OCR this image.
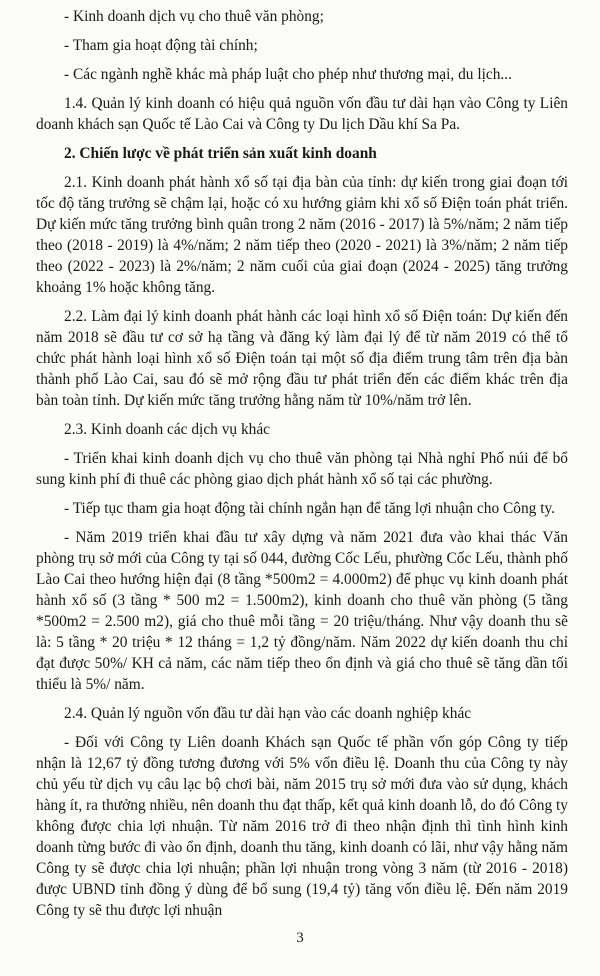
- Kinh doanh dịch vụ cho thuê văn phòng;

- Tham gia hoạt động tài chính;

- Các ngành nghề khác mà pháp luật cho phép như thương mại, du lịch...

1.4. Quản lý kinh doanh có hiệu quả nguồn vốn đầu tư dài hạn vào Công ty Liên doanh khách sạn Quốc tế Lào Cai và Công ty Du lịch Dầu khí Sa Pa.

2. Chiến lược về phát triển sản xuất kinh doanh

2.1. Kinh doanh phát hành xổ số tại địa bàn của tỉnh: dự kiến trong giai đoạn tới tốc độ tăng trưởng sẽ chậm lại, hoặc có xu hướng giảm khi xổ số Điện toán phát triển. Dự kiến mức tăng trưởng bình quân trong 2 năm (2016 - 2017) là 5%/năm; 2 năm tiếp theo (2018 - 2019) là 4%/năm; 2 năm tiếp theo (2020 - 2021) là 3%/năm; 2 năm tiếp theo (2022 - 2023) là 2%/năm; 2 năm cuối của giai đoạn (2024 - 2025) tăng trưởng khoảng 1% hoặc không tăng.

2.2. Làm đại lý kinh doanh phát hành các loại hình xổ số Điện toán: Dự kiến đến năm 2018 sẽ đầu tư cơ sở hạ tầng và đăng ký làm đại lý để từ năm 2019 có thể tổ chức phát hành loại hình xổ số Điện toán tại một số địa điểm trung tâm trên địa bàn thành phố Lào Cai, sau đó sẽ mở rộng đầu tư phát triển đến các điểm khác trên địa bàn toàn tỉnh. Dự kiến mức tăng trưởng hằng năm từ 10%/năm trở lên.

2.3. Kinh doanh các dịch vụ khác

- Triển khai kinh doanh dịch vụ cho thuê văn phòng tại Nhà nghỉ Phố núi để bổ sung kinh phí đi thuê các phòng giao dịch phát hành xổ số tại các phường.

- Tiếp tục tham gia hoạt động tài chính ngắn hạn để tăng lợi nhuận cho Công ty.

- Năm 2019 triển khai đầu tư xây dựng và năm 2021 đưa vào khai thác Văn phòng trụ sở mới của Công ty tại số 044, đường Cốc Lếu, phường Cốc Lếu, thành phố Lào Cai theo hướng hiện đại (8 tầng *500m2 = 4.000m2) để phục vụ kinh doanh phát hành xổ số (3 tầng * 500 m2 = 1.500m2), kinh doanh cho thuê văn phòng (5 tầng *500m2 = 2.500 m2), giá cho thuê mỗi tầng = 20 triệu/tháng. Như vậy doanh thu sẽ là: 5 tầng * 20 triệu * 12 tháng = 1,2 tỷ đồng/năm. Năm 2022 dự kiến doanh thu chỉ đạt được 50%/ KH cả năm, các năm tiếp theo ổn định và giá cho thuê sẽ tăng dần tối thiểu là 5%/ năm.

2.4. Quản lý nguồn vốn đầu tư dài hạn vào các doanh nghiệp khác

- Đối với Công ty Liên doanh Khách sạn Quốc tế phần vốn góp Công ty tiếp nhận là 12,67 tỷ đồng tương đương với 5% vốn điều lệ. Doanh thu của Công ty này chủ yếu từ dịch vụ câu lạc bộ chơi bài, năm 2015 trụ sở mới đưa vào sử dụng, khách hàng ít, ra thưởng nhiều, nên doanh thu đạt thấp, kết quả kinh doanh lỗ, do đó Công ty không được chia lợi nhuận. Từ năm 2016 trở đi theo nhận định thì tình hình kinh doanh từng bước đi vào ổn định, doanh thu tăng, kinh doanh có lãi, như vậy hằng năm Công ty sẽ được chia lợi nhuận; phần lợi nhuận trong vòng 3 năm (từ 2016 - 2018) được UBND tỉnh đồng ý dùng để bổ sung (19,4 tỷ) tăng vốn điều lệ. Đến năm 2019 Công ty sẽ thu được lợi nhuận

3
